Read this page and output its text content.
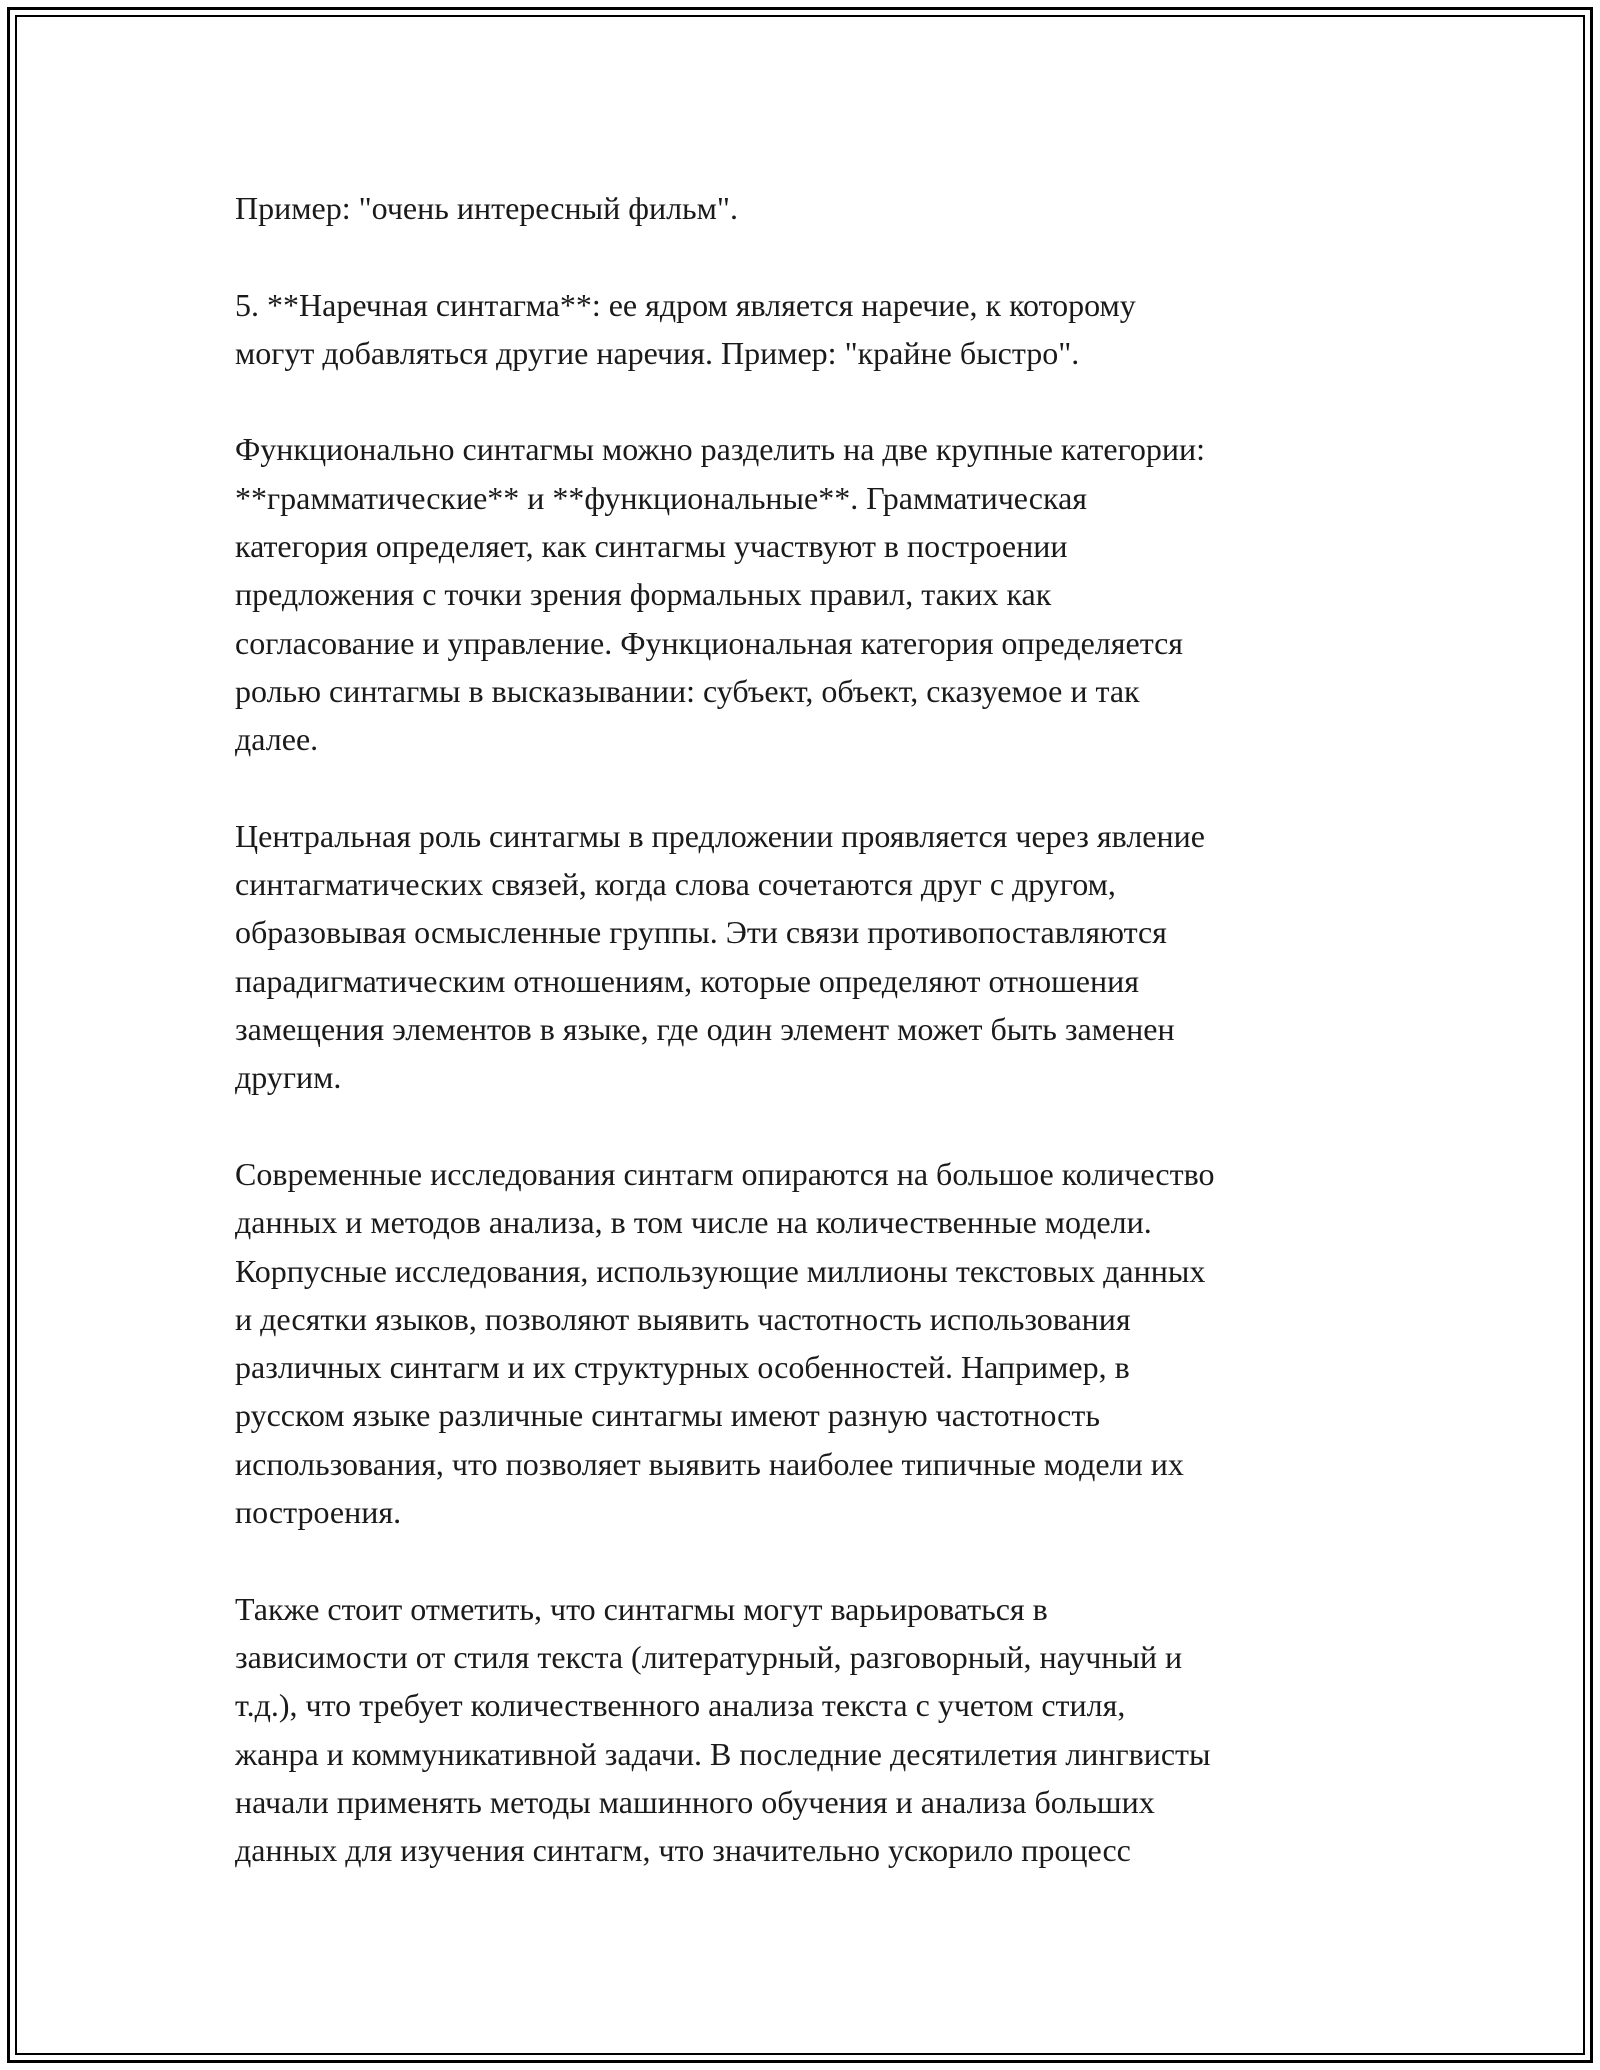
Пример: "очень интересный фильм".
5. **Наречная синтагма**: ее ядром является наречие, к которому
могут добавляться другие наречия. Пример: "крайне быстро".
Функционально синтагмы можно разделить на две крупные категории:
**грамматические** и **функциональные**. Грамматическая
категория определяет, как синтагмы участвуют в построении
предложения с точки зрения формальных правил, таких как
согласование и управление. Функциональная категория определяется
ролью синтагмы в высказывании: субъект, объект, сказуемое и так
далее.
Центральная роль синтагмы в предложении проявляется через явление
синтагматических связей, когда слова сочетаются друг с другом,
образовывая осмысленные группы. Эти связи противопоставляются
парадигматическим отношениям, которые определяют отношения
замещения элементов в языке, где один элемент может быть заменен
другим.
Современные исследования синтагм опираются на большое количество
данных и методов анализа, в том числе на количественные модели.
Корпусные исследования, использующие миллионы текстовых данных
и десятки языков, позволяют выявить частотность использования
различных синтагм и их структурных особенностей. Например, в
русском языке различные синтагмы имеют разную частотность
использования, что позволяет выявить наиболее типичные модели их
построения.
Также стоит отметить, что синтагмы могут варьироваться в
зависимости от стиля текста (литературный, разговорный, научный и
т.д.), что требует количественного анализа текста с учетом стиля,
жанра и коммуникативной задачи. В последние десятилетия лингвисты
начали применять методы машинного обучения и анализа больших
данных для изучения синтагм, что значительно ускорило процесс
